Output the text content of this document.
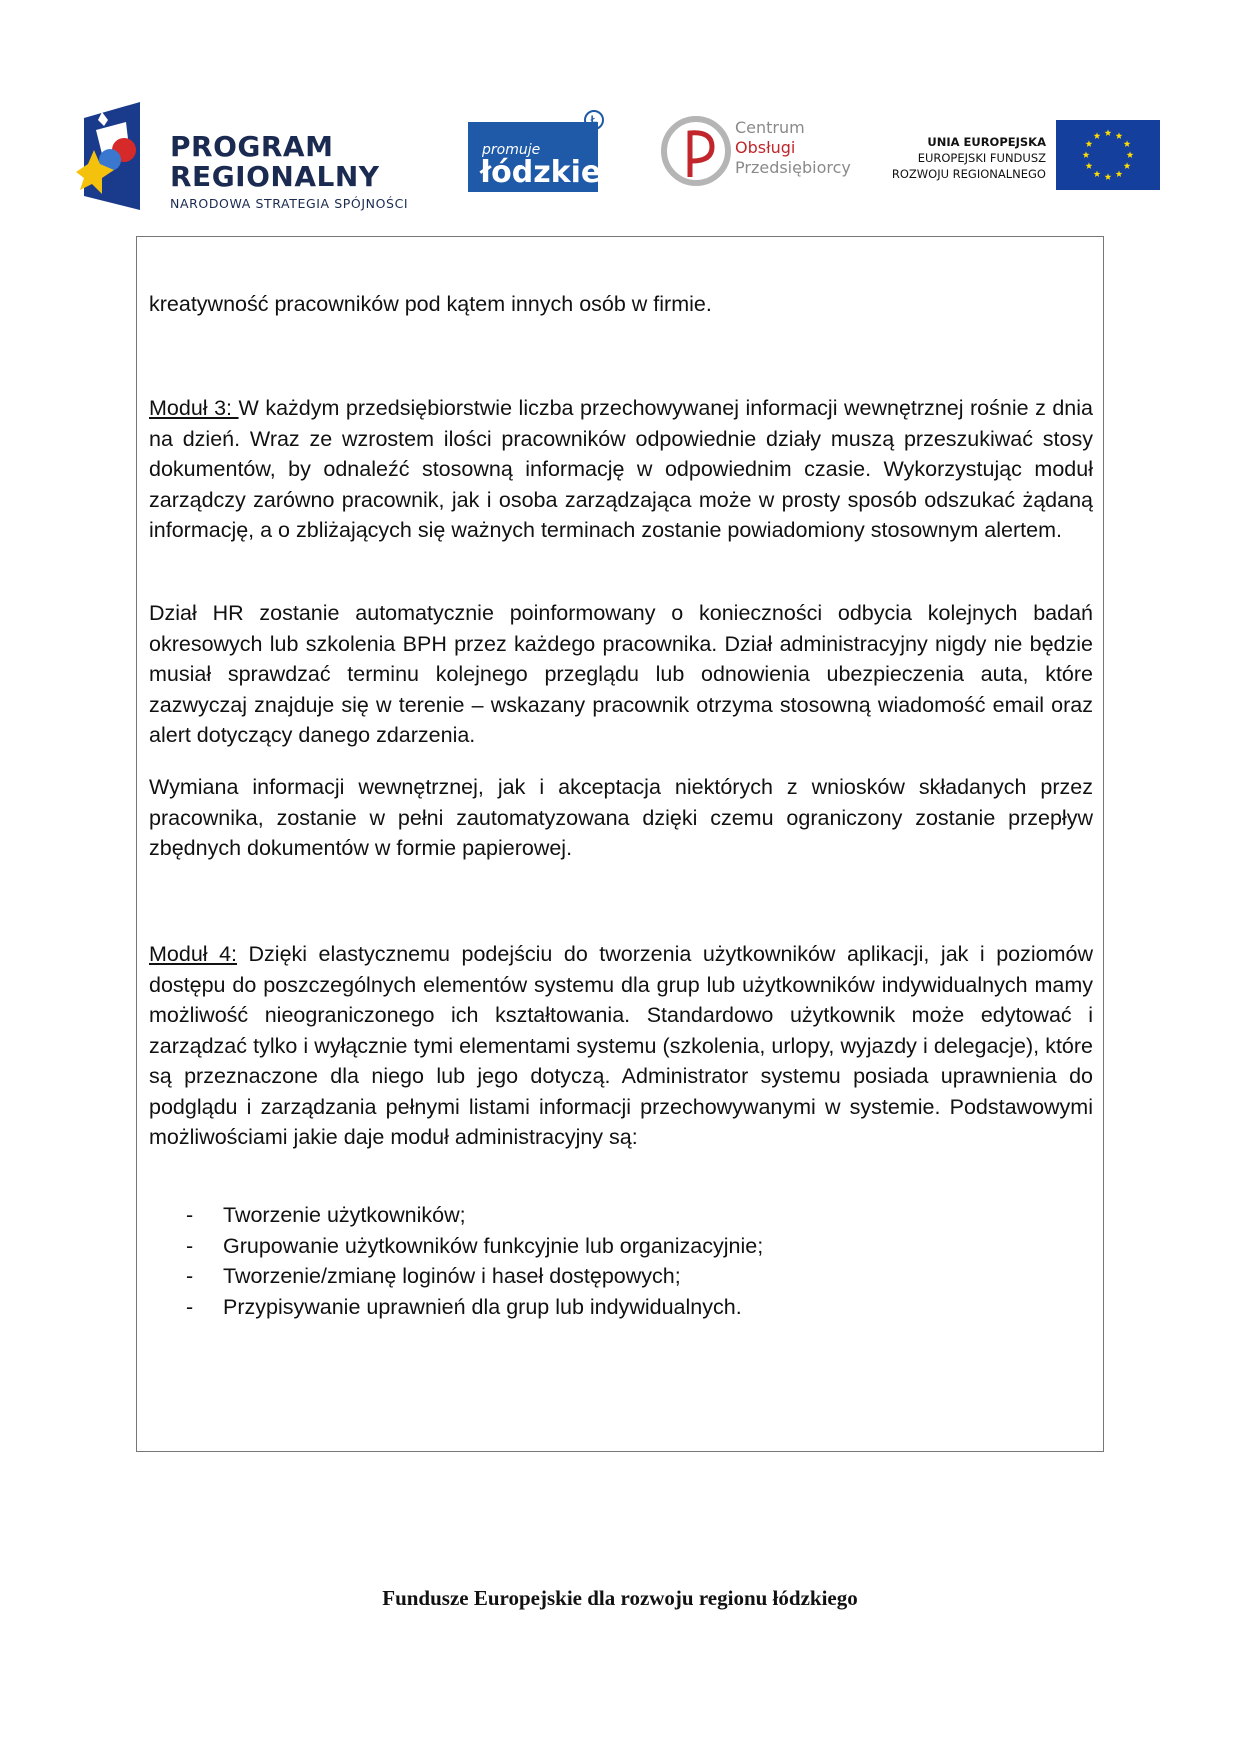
PROGRAM
REGIONALNY
NARODOWA STRATEGIA SPÓJNOŚCI
promuje
łódzkie
Ł	Centrum
Obsługi
Przedsiębiorcy
UNIA EUROPEJSKA
EUROPEJSKI FUNDUSZ
ROZWOJU REGIONALNEGO

kreatywność pracowników pod kątem innych osób w firmie.

Moduł 3: W każdym przedsiębiorstwie liczba przechowywanej informacji wewnętrznej rośnie z dnia na dzień. Wraz ze wzrostem ilości pracowników odpowiednie działy muszą przeszukiwać stosy dokumentów, by odnaleźć stosowną informację w odpowiednim czasie. Wykorzystując moduł zarządczy zarówno pracownik, jak i osoba zarządzająca może w prosty sposób odszukać żądaną informację, a o zbliżających się ważnych terminach zostanie powiadomiony stosownym alertem.

Dział HR zostanie automatycznie poinformowany o konieczności odbycia kolejnych badań okresowych lub szkolenia BPH przez każdego pracownika. Dział administracyjny nigdy nie będzie musiał sprawdzać terminu kolejnego przeglądu lub odnowienia ubezpieczenia auta, które zazwyczaj znajduje się w terenie – wskazany pracownik otrzyma stosowną wiadomość email oraz alert dotyczący danego zdarzenia.

Wymiana informacji wewnętrznej, jak i akceptacja niektórych z wniosków składanych przez pracownika, zostanie w pełni zautomatyzowana dzięki czemu ograniczony zostanie przepływ zbędnych dokumentów w formie papierowej.

Moduł 4: Dzięki elastycznemu podejściu do tworzenia użytkowników aplikacji, jak i poziomów dostępu do poszczególnych elementów systemu dla grup lub użytkowników indywidualnych mamy możliwość nieograniczonego ich kształtowania. Standardowo użytkownik może edytować i zarządzać tylko i wyłącznie tymi elementami systemu (szkolenia, urlopy, wyjazdy i delegacje), które są przeznaczone dla niego lub jego dotyczą. Administrator systemu posiada uprawnienia do podglądu i zarządzania pełnymi listami informacji przechowywanymi w systemie. Podstawowymi możliwościami jakie daje moduł administracyjny są:

- Tworzenie użytkowników;
- Grupowanie użytkowników funkcyjnie lub organizacyjnie;
- Tworzenie/zmianę loginów i haseł dostępowych;
- Przypisywanie uprawnień dla grup lub indywidualnych.
Fundusze Europejskie dla rozwoju regionu łódzkiego
